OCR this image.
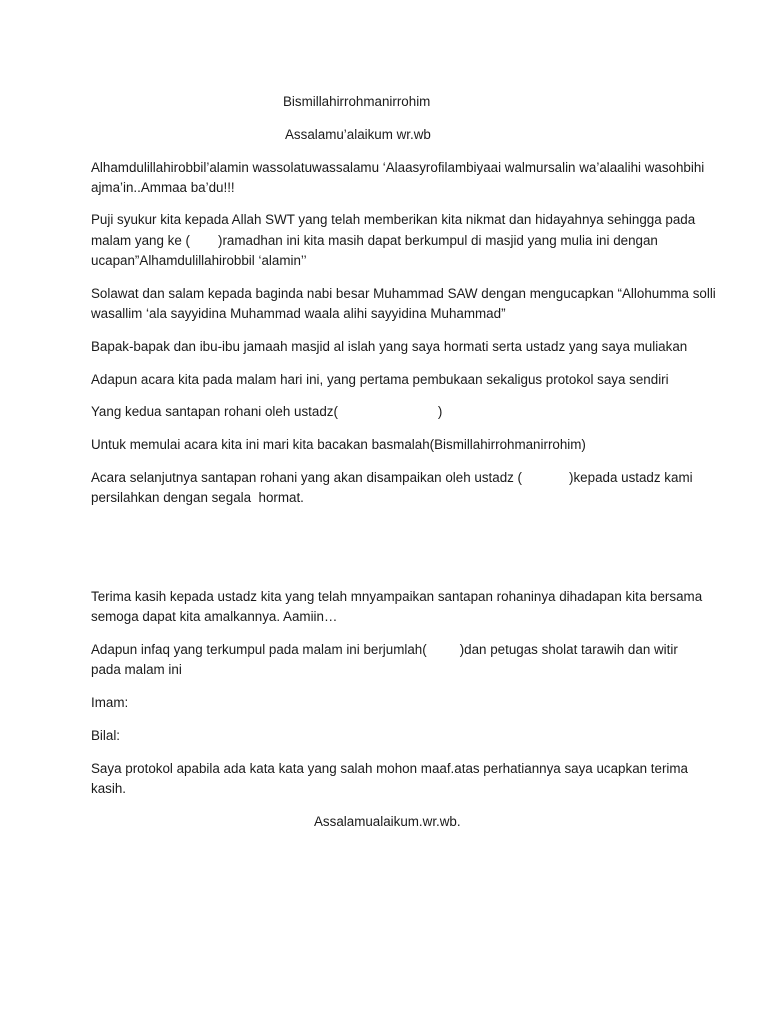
Bismillahirrohmanirrohim
Assalamu’alaikum wr.wb
Alhamdulillahirobbil’alamin wassolatuwassalamu ‘Alaasyrofilambiyaai walmursalin wa’alaalihi wasohbihi
ajma’in..Ammaa ba’du!!!
Puji syukur kita kepada Allah SWT yang telah memberikan kita nikmat dan hidayahnya sehingga pada
malam yang ke ( )ramadhan ini kita masih dapat berkumpul di masjid yang mulia ini dengan
ucapan”Alhamdulillahirobbil ‘alamin’’
Solawat dan salam kepada baginda nabi besar Muhammad SAW dengan mengucapkan “Allohumma solli
wasallim ‘ala sayyidina Muhammad waala alihi sayyidina Muhammad”
Bapak-bapak dan ibu-ibu jamaah masjid al islah yang saya hormati serta ustadz yang saya muliakan
Adapun acara kita pada malam hari ini, yang pertama pembukaan sekaligus protokol saya sendiri
Yang kedua santapan rohani oleh ustadz(	)
Untuk memulai acara kita ini mari kita bacakan basmalah(Bismillahirrohmanirrohim)
Acara selanjutnya santapan rohani yang akan disampaikan oleh ustadz (	)kepada ustadz kami
persilahkan dengan segala  hormat.
Terima kasih kepada ustadz kita yang telah mnyampaikan santapan rohaninya dihadapan kita bersama
semoga dapat kita amalkannya. Aamiin…
Adapun infaq yang terkumpul pada malam ini berjumlah( )dan petugas sholat tarawih dan witir
pada malam ini
Imam:
Bilal:
Saya protokol apabila ada kata kata yang salah mohon maaf.atas perhatiannya saya ucapkan terima
kasih.
Assalamualaikum.wr.wb.
